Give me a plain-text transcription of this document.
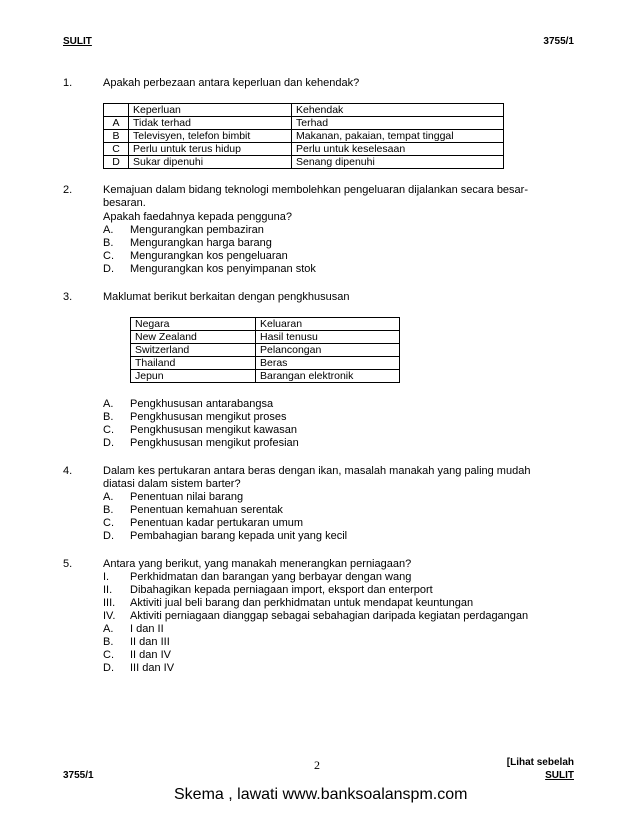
SULIT	3755/1
1.	Apakah perbezaan antara keperluan dan kehendak?
	Keperluan	Kehendak
A	Tidak terhad	Terhad
B	Televisyen, telefon bimbit	Makanan, pakaian, tempat tinggal
C	Perlu untuk terus hidup	Perlu untuk keselesaan
D	Sukar dipenuhi	Senang dipenuhi
2.	Kemajuan dalam bidang teknologi membolehkan pengeluaran dijalankan secara besar-
besaran.
Apakah faedahnya kepada pengguna?
A. Mengurangkan pembaziran
B. Mengurangkan harga barang
C. Mengurangkan kos pengeluaran
D. Mengurangkan kos penyimpanan stok
3.	Maklumat berikut berkaitan dengan pengkhususan
Negara	Keluaran
New Zealand	Hasil tenusu
Switzerland	Pelancongan
Thailand	Beras
Jepun	Barangan elektronik
A. Pengkhususan antarabangsa
B. Pengkhususan mengikut proses
C. Pengkhususan mengikut kawasan
D. Pengkhususan mengikut profesian
4.	Dalam kes pertukaran antara beras dengan ikan, masalah manakah yang paling mudah
diatasi dalam sistem barter?
A. Penentuan nilai barang
B. Penentuan kemahuan serentak
C. Penentuan kadar pertukaran umum
D. Pembahagian barang kepada unit yang kecil
5.	Antara yang berikut, yang manakah menerangkan perniagaan?
I. Perkhidmatan dan barangan yang berbayar dengan wang
II. Dibahagikan kepada perniagaan import, eksport dan enterport
III. Aktiviti jual beli barang dan perkhidmatan untuk mendapat keuntungan
IV. Aktiviti perniagaan dianggap sebagai sebahagian daripada kegiatan perdagangan
A. I dan II
B. II dan III
C. II dan IV
D. III dan IV
2	[Lihat sebelah
3755/1	SULIT
Skema , lawati www.banksoalanspm.com
